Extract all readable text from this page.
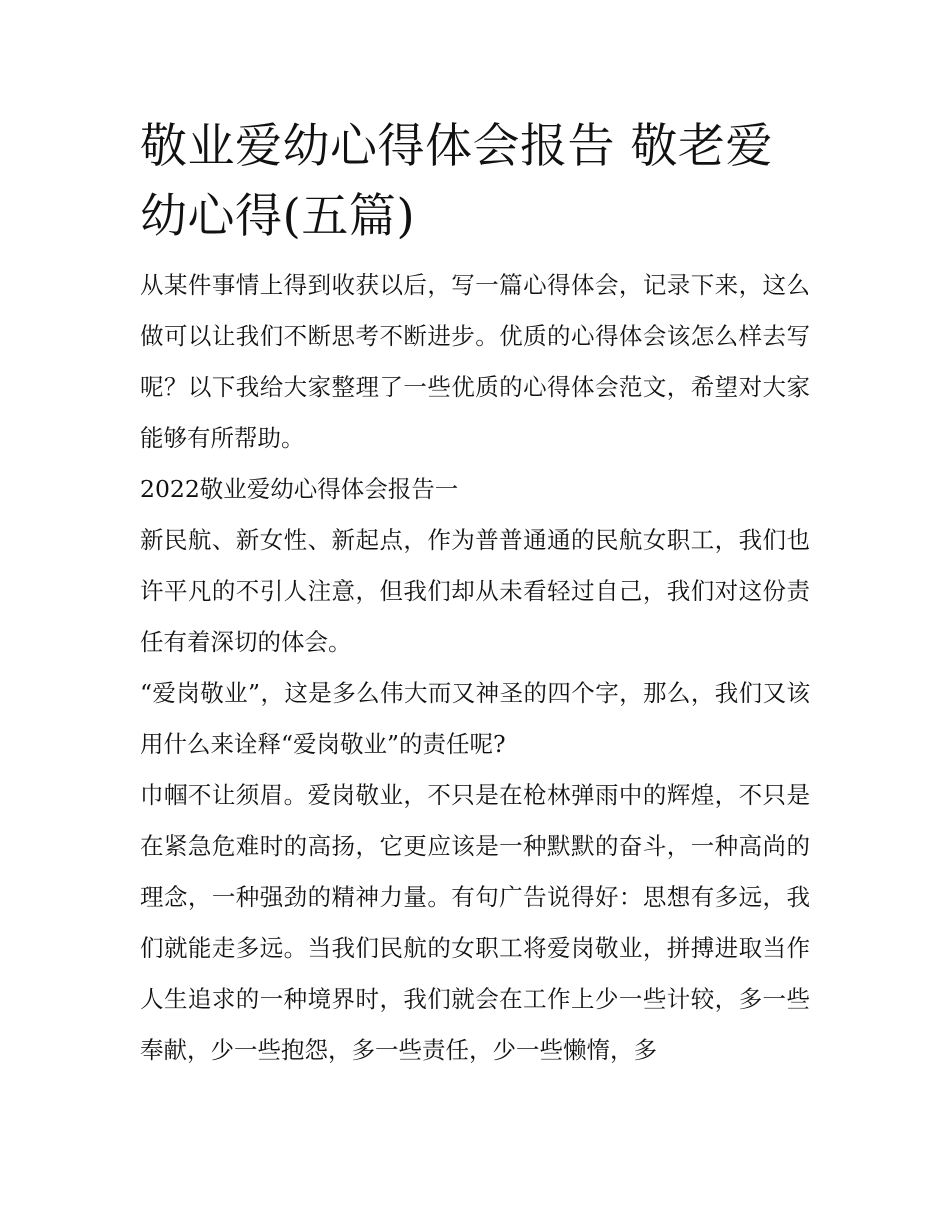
敬业爱幼心得体会报告 敬老爱幼心得(五篇)

从某件事情上得到收获以后，写一篇心得体会，记录下来，这么做可以让我们不断思考不断进步。优质的心得体会该怎么样去写呢？以下我给大家整理了一些优质的心得体会范文，希望对大家能够有所帮助。

2022敬业爱幼心得体会报告一

新民航、新女性、新起点，作为普普通通的民航女职工，我们也许平凡的不引人注意，但我们却从未看轻过自己，我们对这份责任有着深切的体会。

“爱岗敬业”，这是多么伟大而又神圣的四个字，那么，我们又该用什么来诠释“爱岗敬业”的责任呢?

巾帼不让须眉。爱岗敬业，不只是在枪林弹雨中的辉煌，不只是在紧急危难时的高扬，它更应该是一种默默的奋斗，一种高尚的理念，一种强劲的精神力量。有句广告说得好：思想有多远，我们就能走多远。当我们民航的女职工将爱岗敬业，拼搏进取当作人生追求的一种境界时，我们就会在工作上少一些计较，多一些奉献，少一些抱怨，多一些责任，少一些懒惰，多
